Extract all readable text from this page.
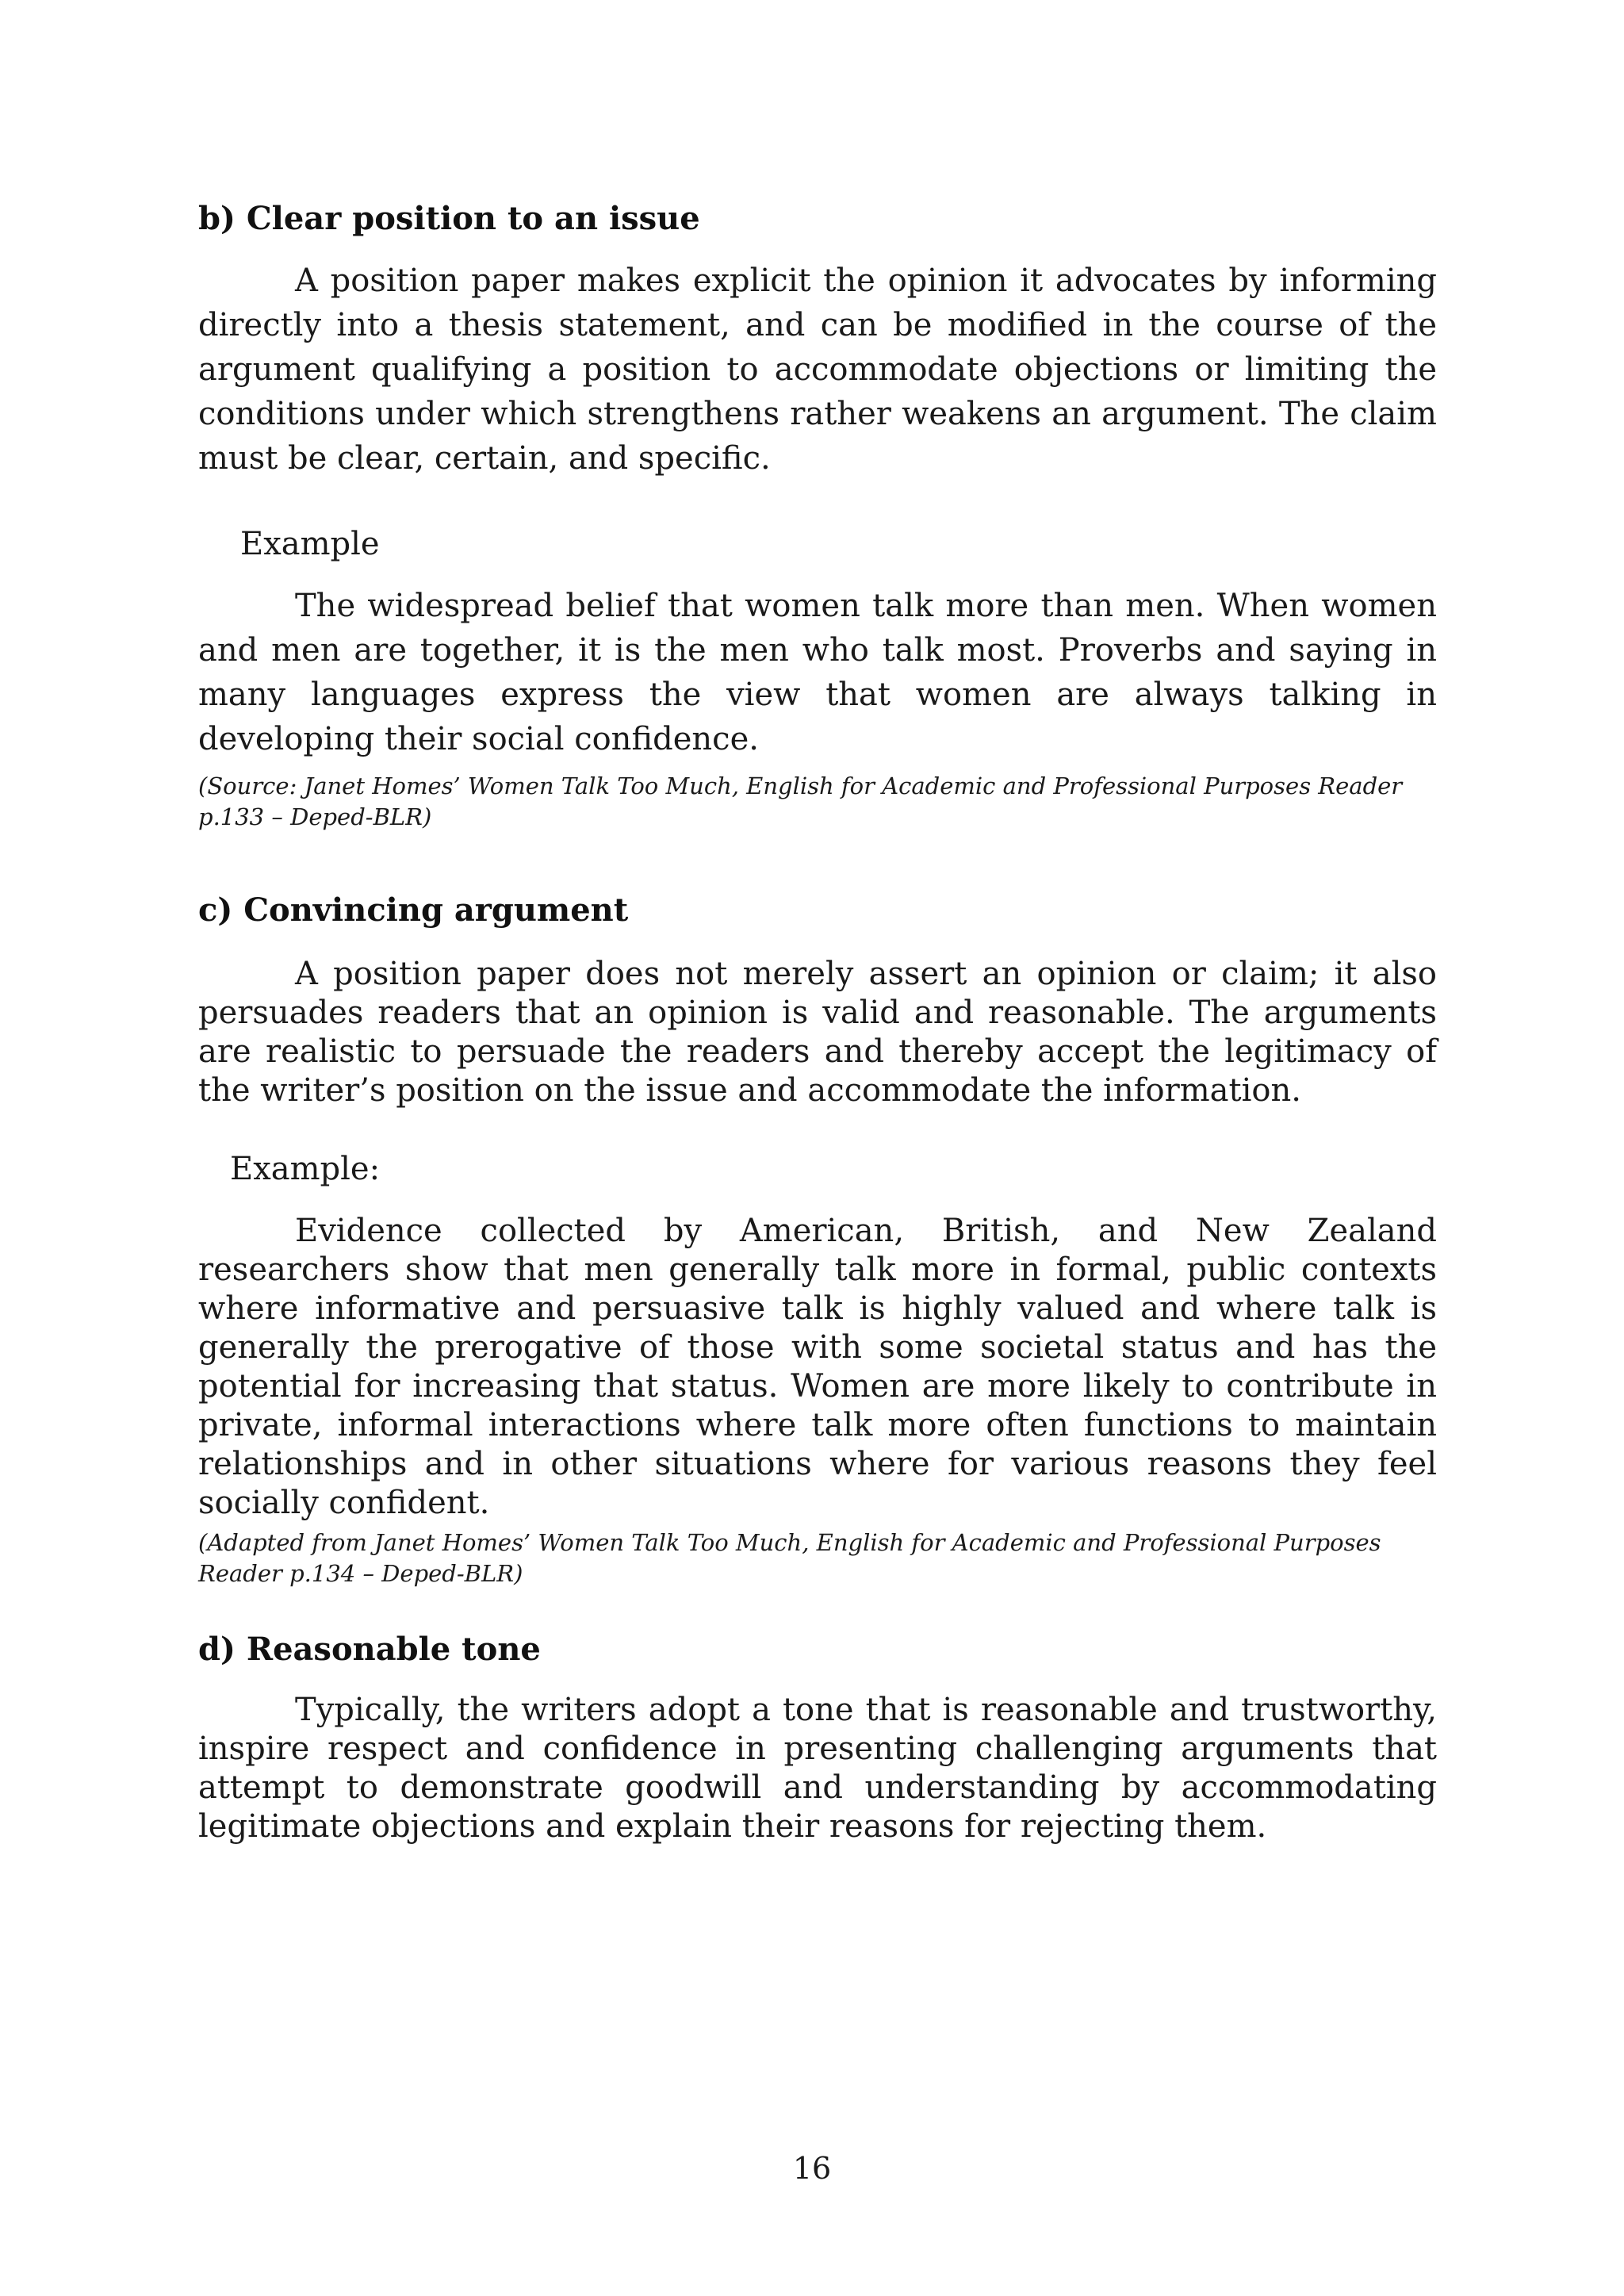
b) Clear position to an issue

A position paper makes explicit the opinion it advocates by informing directly into a thesis statement, and can be modified in the course of the argument qualifying a position to accommodate objections or limiting the conditions under which strengthens rather weakens an argument. The claim must be clear, certain, and specific.

Example

The widespread belief that women talk more than men. When women and men are together, it is the men who talk most. Proverbs and saying in many languages express the view that women are always talking in developing their social confidence.

(Source: Janet Homes’ Women Talk Too Much, English for Academic and Professional Purposes Reader p.133 – Deped-BLR)

c) Convincing argument

A position paper does not merely assert an opinion or claim; it also persuades readers that an opinion is valid and reasonable. The arguments are realistic to persuade the readers and thereby accept the legitimacy of the writer’s position on the issue and accommodate the information.

Example:

Evidence collected by American, British, and New Zealand researchers show that men generally talk more in formal, public contexts where informative and persuasive talk is highly valued and where talk is generally the prerogative of those with some societal status and has the potential for increasing that status. Women are more likely to contribute in private, informal interactions where talk more often functions to maintain relationships and in other situations where for various reasons they feel socially confident.

(Adapted from Janet Homes’ Women Talk Too Much, English for Academic and Professional Purposes Reader p.134 – Deped-BLR)

d) Reasonable tone

Typically, the writers adopt a tone that is reasonable and trustworthy, inspire respect and confidence in presenting challenging arguments that attempt to demonstrate goodwill and understanding by accommodating legitimate objections and explain their reasons for rejecting them.

16
